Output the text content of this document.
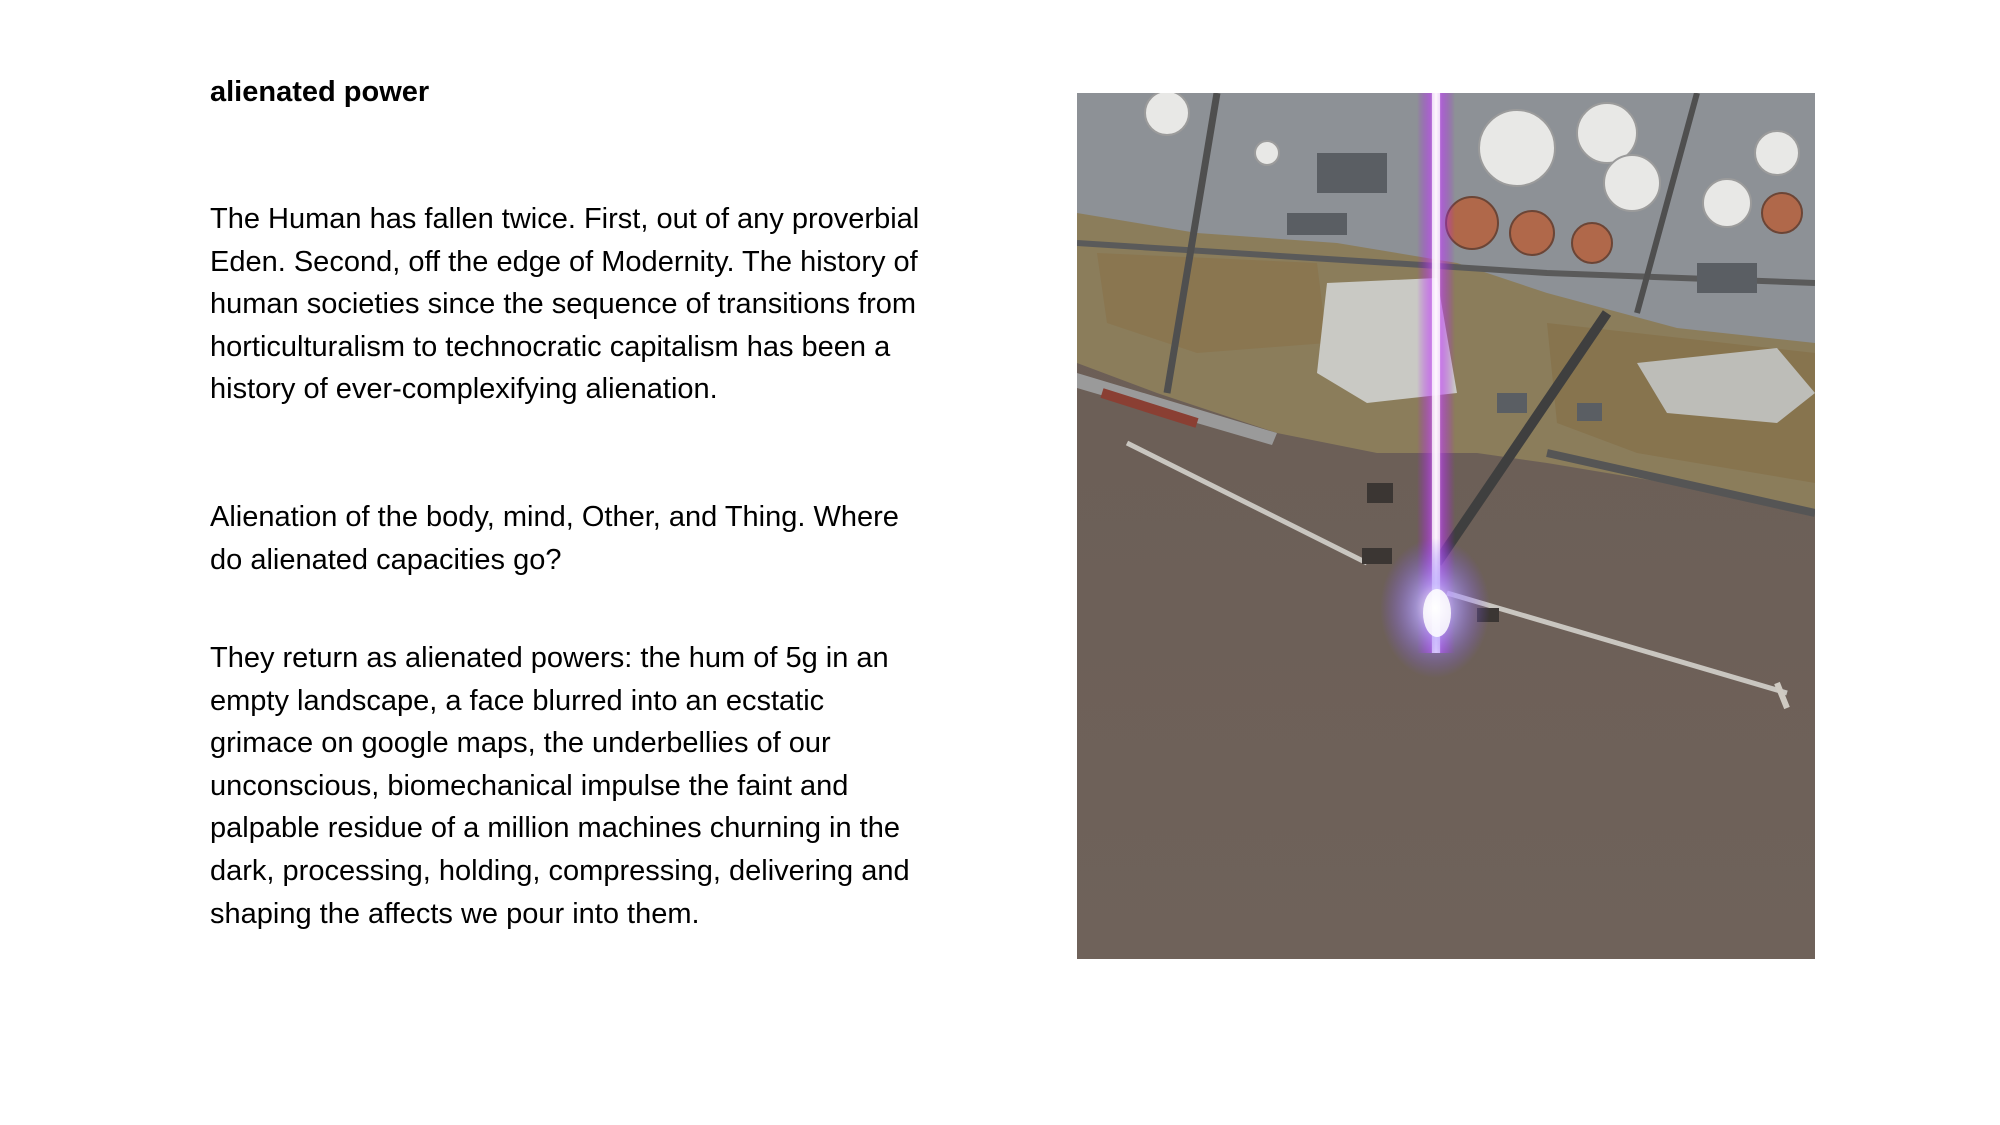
alienated power

The Human has fallen twice. First, out of any proverbial Eden. Second, off the edge of Modernity. The history of human societies since the sequence of transitions from horticulturalism to technocratic capitalism has been a history of ever-complexifying alienation.

Alienation of the body, mind, Other, and Thing. Where do alienated capacities go?

They return as alienated powers: the hum of 5g in an empty landscape, a face blurred into an ecstatic grimace on google maps, the underbellies of our unconscious, biomechanical impulse the faint and palpable residue of a million machines churning in the dark, processing, holding, compressing, delivering and shaping the affects we pour into them.
